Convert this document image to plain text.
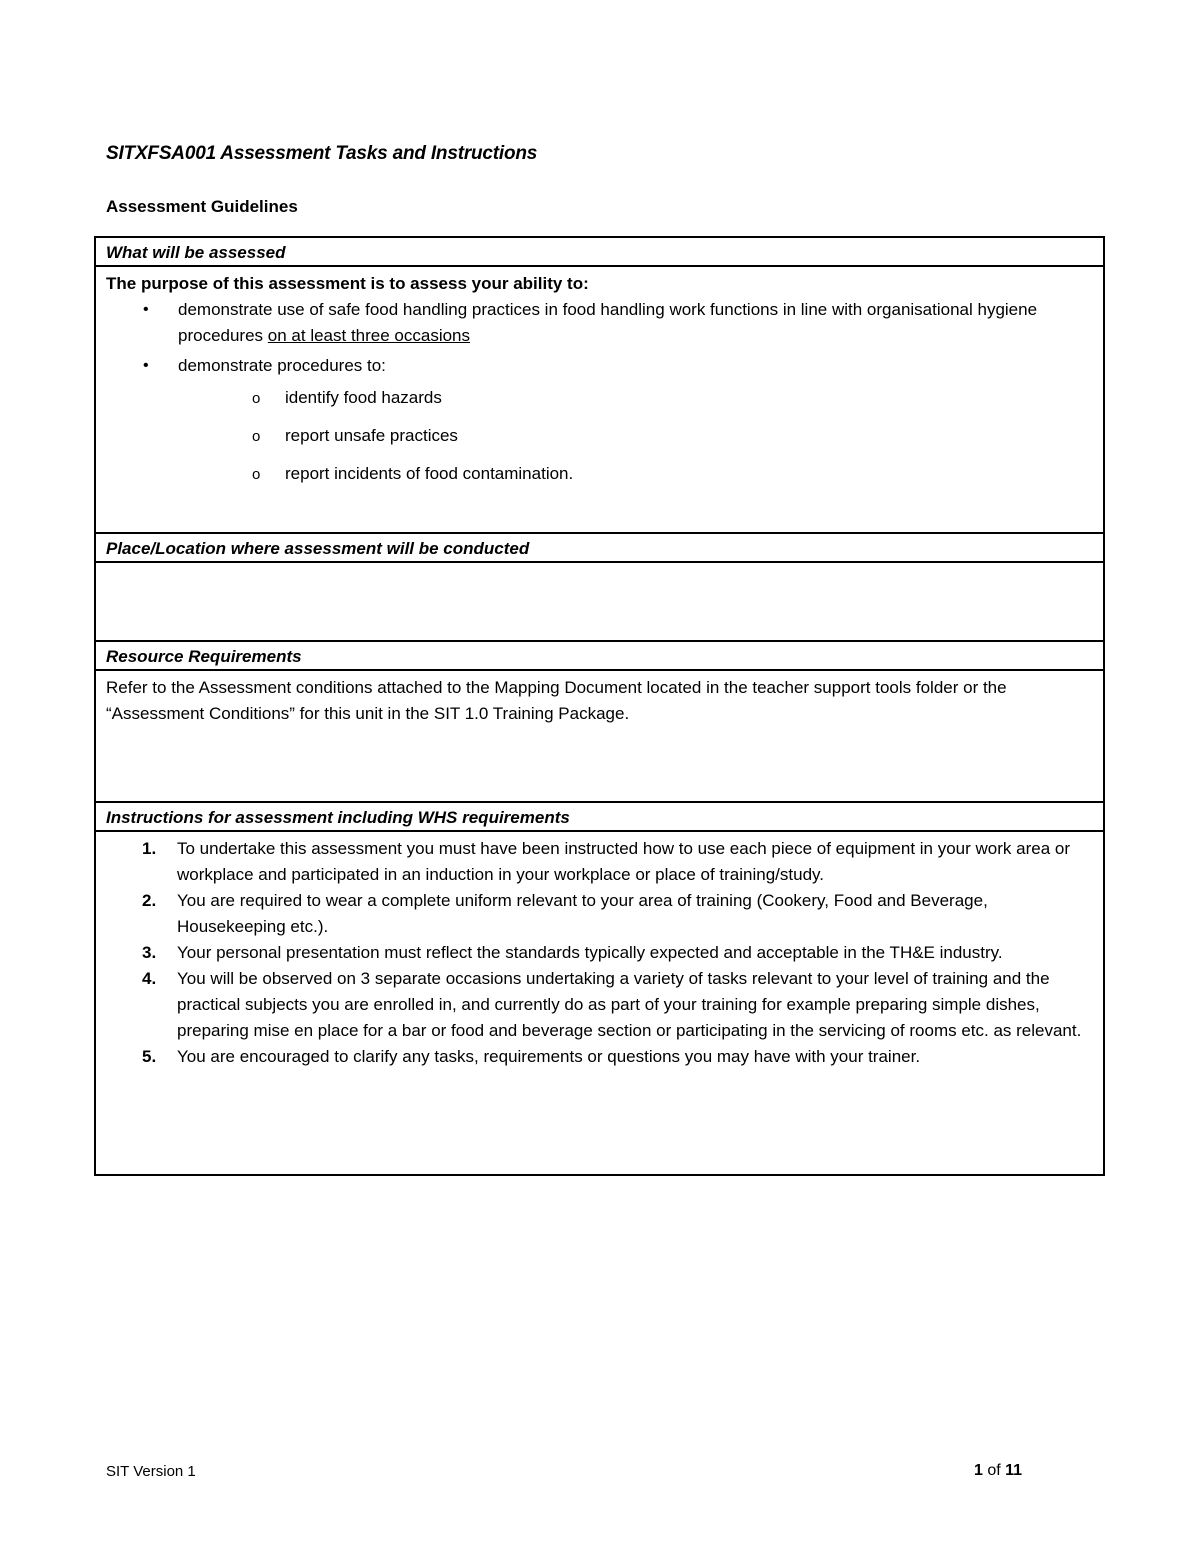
SITXFSA001 Assessment Tasks and Instructions
Assessment Guidelines
What will be assessed
The purpose of this assessment is to assess your ability to:
• demonstrate use of safe food handling practices in food handling work functions in line with organisational hygiene procedures on at least three occasions
• demonstrate procedures to:
o identify food hazards
o report unsafe practices
o report incidents of food contamination.
Place/Location where assessment will be conducted
Resource Requirements
Refer to the Assessment conditions attached to the Mapping Document located in the teacher support tools folder or the “Assessment Conditions” for this unit in the SIT 1.0 Training Package.
Instructions for assessment including WHS requirements
1. To undertake this assessment you must have been instructed how to use each piece of equipment in your work area or workplace and participated in an induction in your workplace or place of training/study.
2. You are required to wear a complete uniform relevant to your area of training (Cookery, Food and Beverage, Housekeeping etc.).
3. Your personal presentation must reflect the standards typically expected and acceptable in the TH&E industry.
4. You will be observed on 3 separate occasions undertaking a variety of tasks relevant to your level of training and the practical subjects you are enrolled in, and currently do as part of your training for example preparing simple dishes, preparing mise en place for a bar or food and beverage section or participating in the servicing of rooms etc. as relevant.
5. You are encouraged to clarify any tasks, requirements or questions you may have with your trainer.
SIT Version 1	1 of 11
